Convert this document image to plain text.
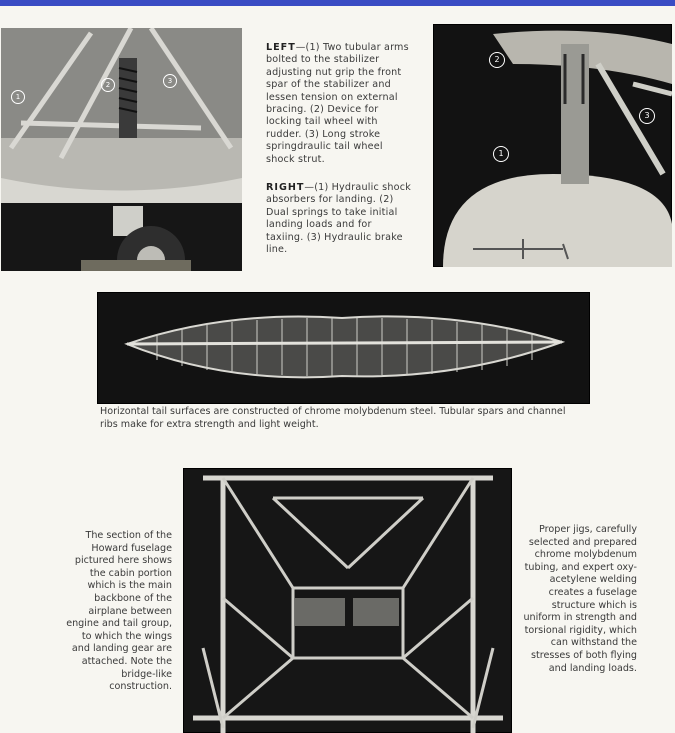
1
2	3

LEFT—(1) Two tubular arms bolted to the stabilizer adjusting nut grip the front spar of the stabilizer and lessen tension on external bracing. (2) Device for locking tail wheel with rudder. (3) Long stroke springdraulic tail wheel shock strut.

RIGHT—(1) Hydraulic shock absorbers for landing. (2) Dual springs to take initial landing loads and for taxiing. (3) Hydraulic brake line.

2
3
1
Horizontal tail surfaces are constructed of chrome molybdenum steel. Tubular spars and channel ribs make for extra strength and light weight.
The section of the Howard fuselage pictured here shows the cabin portion which is the main backbone of the airplane between engine and tail group, to which the wings and landing gear are attached. Note the bridge-like construction.
Proper jigs, carefully selected and prepared chrome molybdenum tubing, and expert oxy-acetylene welding creates a fuselage structure which is uniform in strength and torsional rigidity, which can withstand the stresses of both flying and landing loads.
